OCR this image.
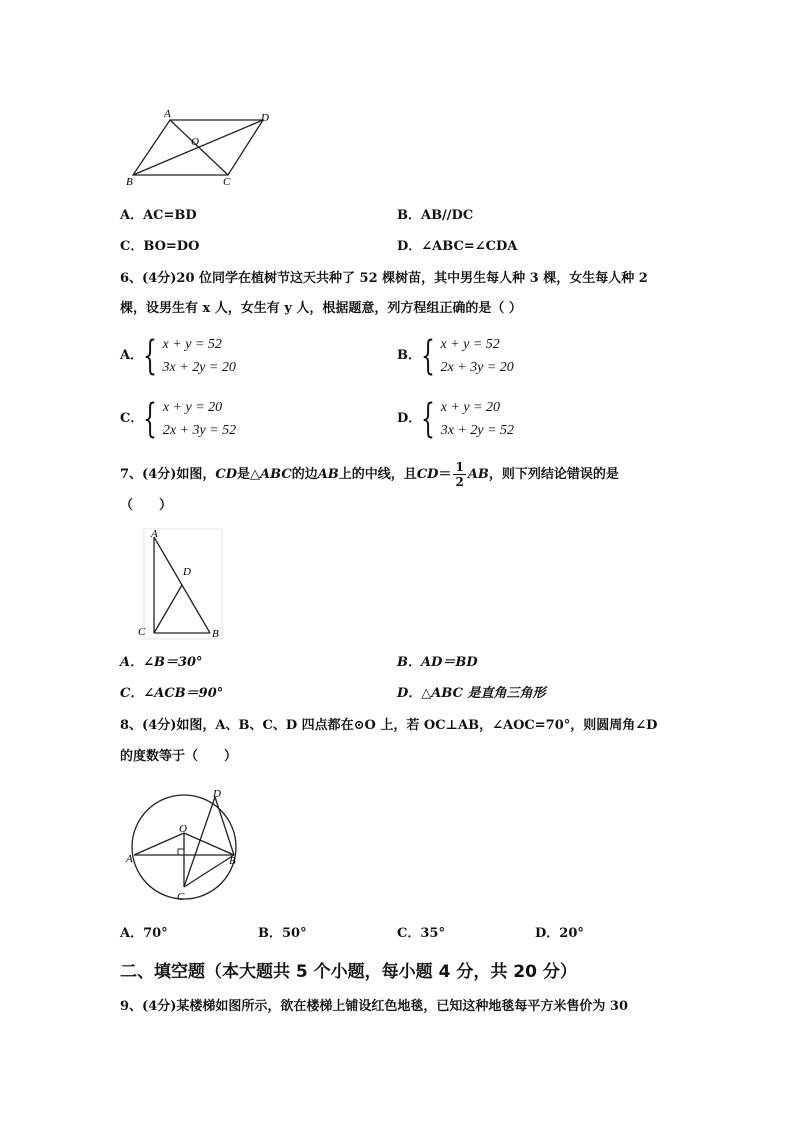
A	D
O
B	C
A．AC=BD	B．AB//DC
C．BO=DO	D．∠ABC=∠CDA
6、(4分)20 位同学在植树节这天共种了 52 棵树苗，其中男生每人种 3 棵，女生每人种 2
棵，设男生有 x 人，女生有 y 人，根据题意，列方程组正确的是（ ）
A． { x + y = 52
3x + 2y = 20
B． { x + y = 52
2x + 3y = 20
C． { x + y = 20
2x + 3y = 52
D． { x + y = 20
3x + 2y = 52
7、(4分)如图， CD 是△ ABC 的边 AB 上的中线，且 CD ＝ $\frac{1}{2}$ AB ，则下列结论错误的是
（　　）
A
D
C	B
A．∠B＝30°	B．AD＝BD
C．∠ACB＝90°	D．△ABC 是直角三角形
8、(4分)如图，A、B、C、D 四点都在⊙O 上，若 OC⊥AB，∠AOC=70°，则圆周角∠D
的度数等于（　　）
D
O
A	B
C
A．70°	B．50°	C．35°	D．20°
二、填空题（本大题共 5 个小题，每小题 4 分，共 20 分）
9、(4分)某楼梯如图所示，欲在楼梯上铺设红色地毯，已知这种地毯每平方米售价为 30
